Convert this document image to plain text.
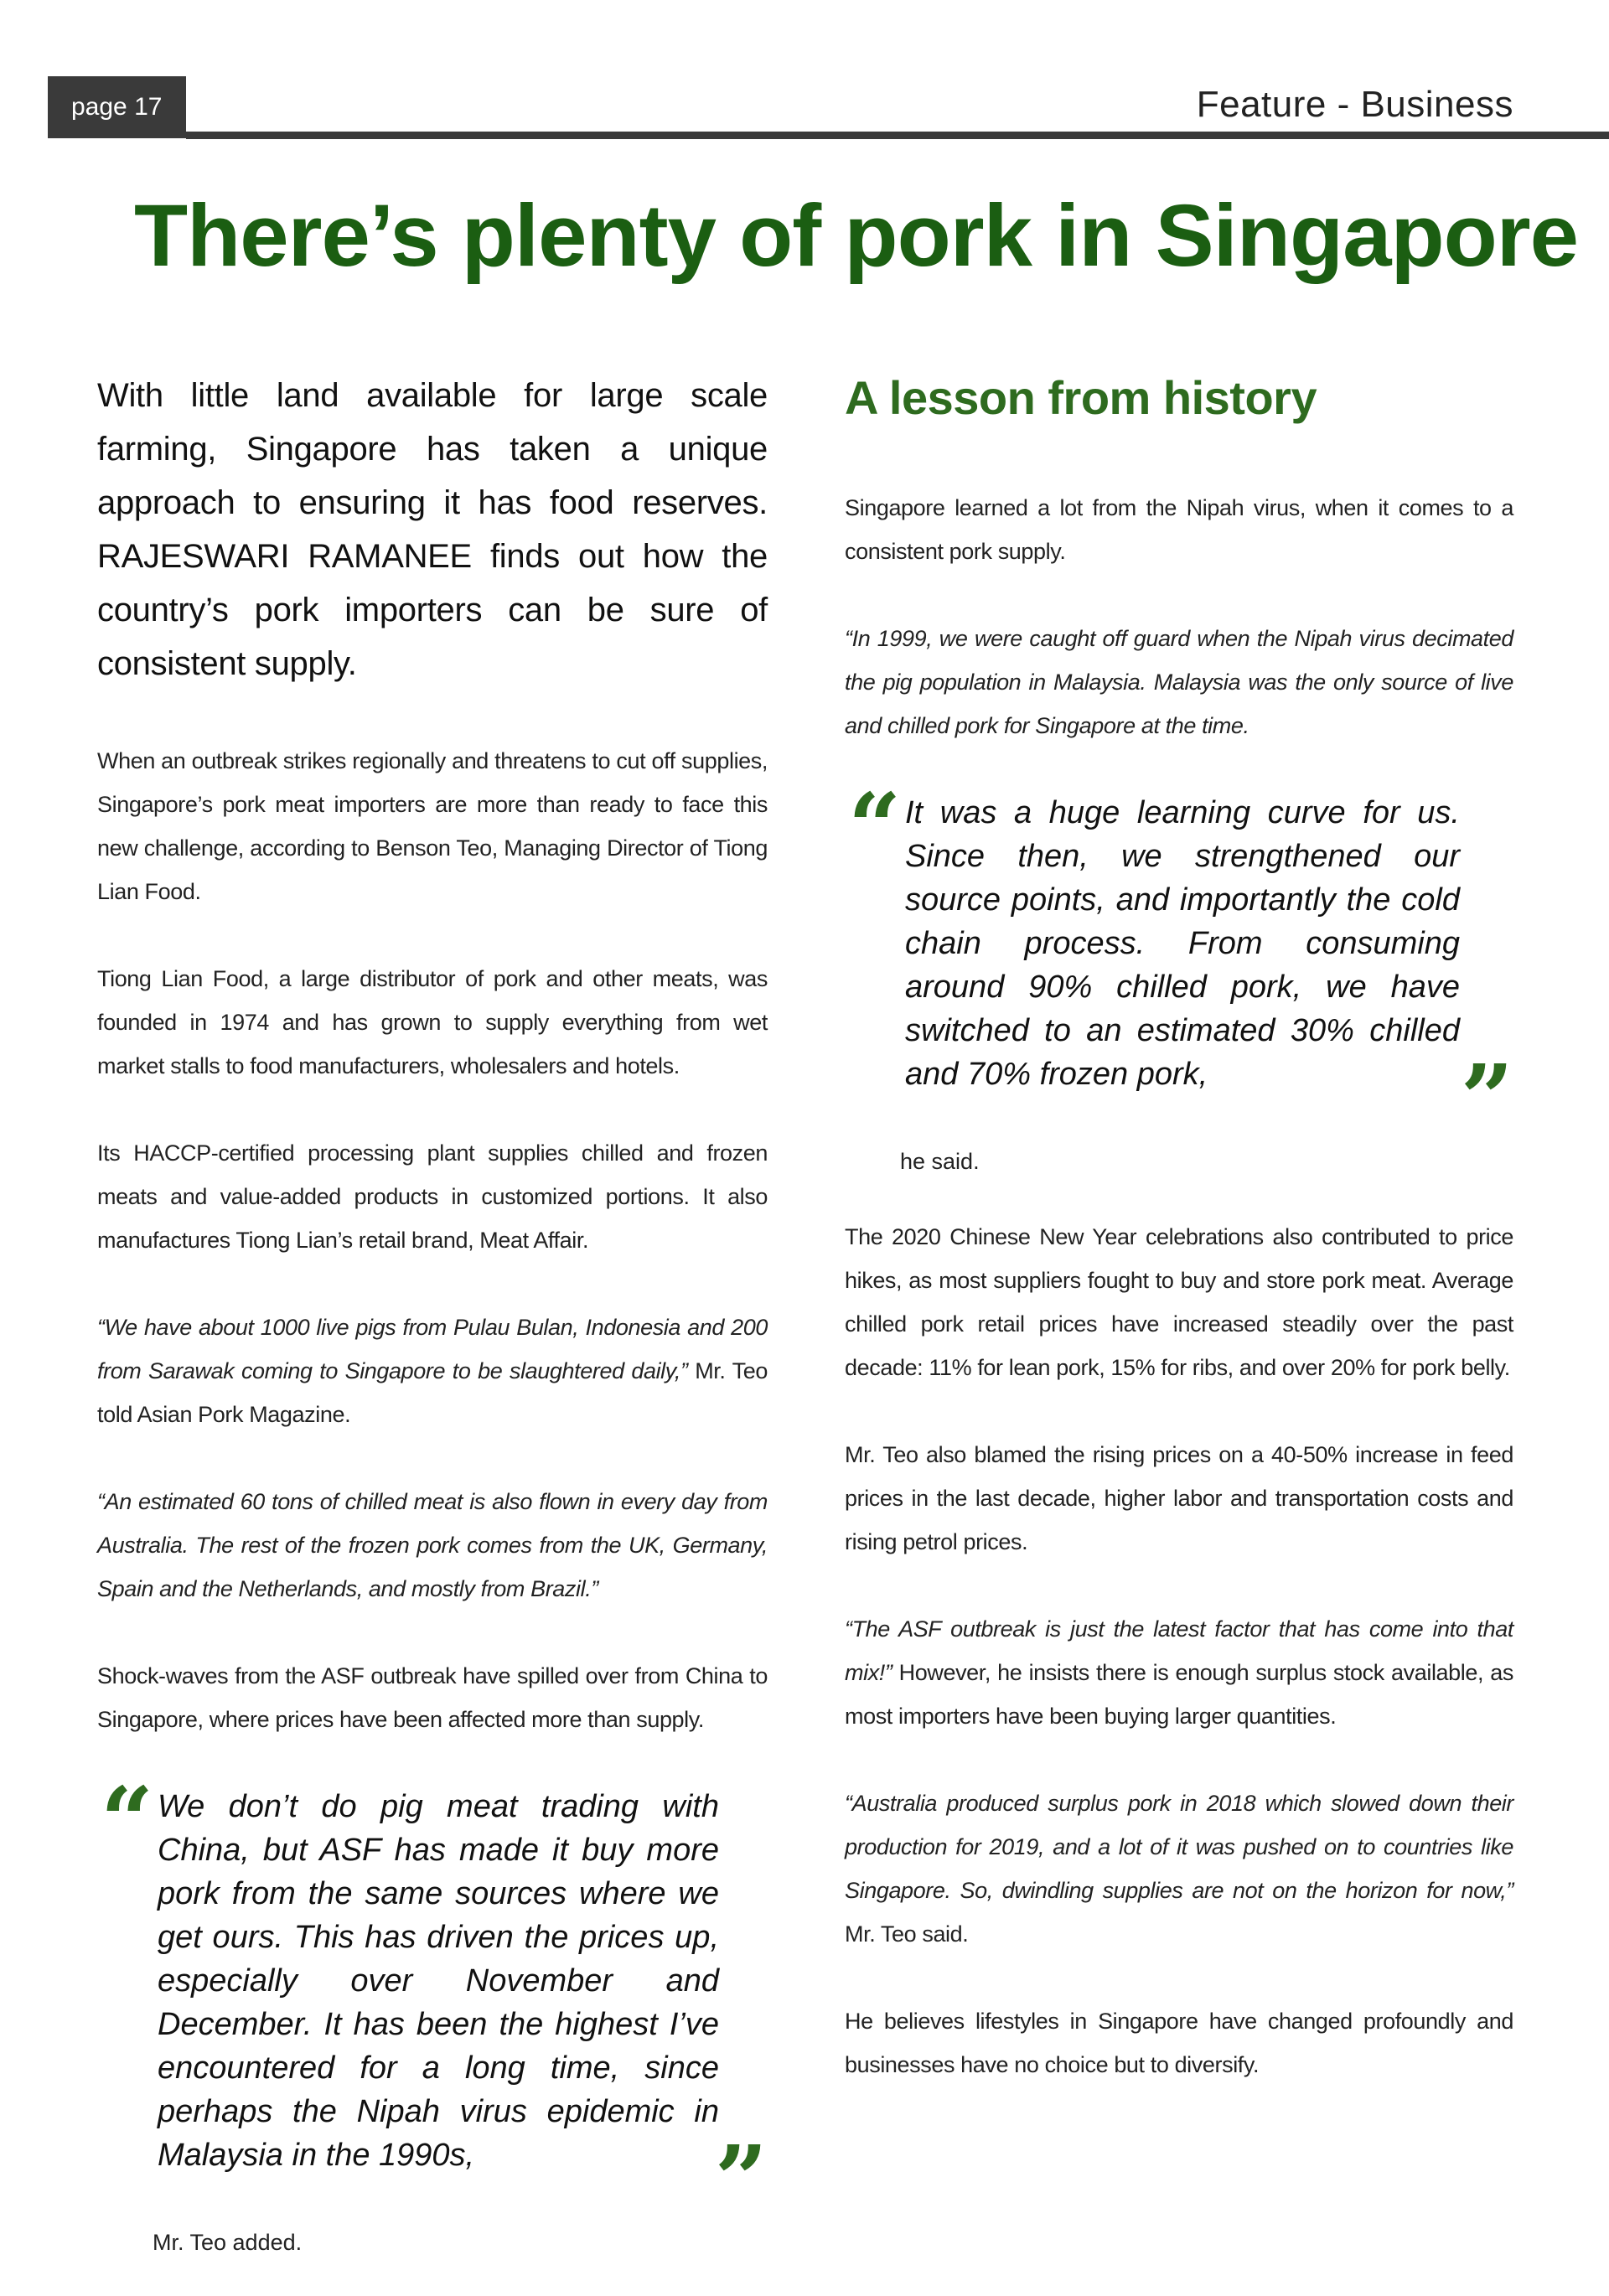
page 17	Feature - Business
There’s plenty of pork in Singapore

With little land available for large scale farming, Singapore has taken a unique approach to ensuring it has food reserves. RAJESWARI RAMANEE finds out how the country’s pork importers can be sure of consistent supply.

When an outbreak strikes regionally and threatens to cut off supplies, Singapore’s pork meat importers are more than ready to face this new challenge, according to Benson Teo, Managing Director of Tiong Lian Food.

Tiong Lian Food, a large distributor of pork and other meats, was founded in 1974 and has grown to supply everything from wet market stalls to food manufacturers, wholesalers and hotels.

Its HACCP-certified processing plant supplies chilled and frozen meats and value-added products in customized portions. It also manufactures Tiong Lian’s retail brand, Meat Affair.

“We have about 1000 live pigs from Pulau Bulan, Indonesia and 200 from Sarawak coming to Singapore to be slaughtered daily,” Mr. Teo told Asian Pork Magazine.

“An estimated 60 tons of chilled meat is also flown in every day from Australia. The rest of the frozen pork comes from the UK, Germany, Spain and the Netherlands, and mostly from Brazil.”

Shock-waves from the ASF outbreak have spilled over from China to Singapore, where prices have been affected more than supply.

“ We don’t do pig meat trading with China, but ASF has made it buy more pork from the same sources where we get ours. This has driven the prices up, especially over November and December. It has been the highest I’ve encountered for a long time, since perhaps the Nipah virus epidemic in Malaysia in the 1990s,	”

Mr. Teo added.

A lesson from history

Singapore learned a lot from the Nipah virus, when it comes to a consistent pork supply.

“In 1999, we were caught off guard when the Nipah virus decimated the pig population in Malaysia. Malaysia was the only source of live and chilled pork for Singapore at the time.

“ It was a huge learning curve for us. Since then, we strengthened our source points, and importantly the cold chain process. From consuming around 90% chilled pork, we have switched to an estimated 30% chilled and 70% frozen pork,	”

he said.

The 2020 Chinese New Year celebrations also contributed to price hikes, as most suppliers fought to buy and store pork meat. Average chilled pork retail prices have increased steadily over the past decade: 11% for lean pork, 15% for ribs, and over 20% for pork belly.

Mr. Teo also blamed the rising prices on a 40-50% increase in feed prices in the last decade, higher labor and transportation costs and rising petrol prices.

“The ASF outbreak is just the latest factor that has come into that mix!” However, he insists there is enough surplus stock available, as most importers have been buying larger quantities.

“Australia produced surplus pork in 2018 which slowed down their production for 2019, and a lot of it was pushed on to countries like Singapore. So, dwindling supplies are not on the horizon for now,” Mr. Teo said.

He believes lifestyles in Singapore have changed profoundly and businesses have no choice but to diversify.
